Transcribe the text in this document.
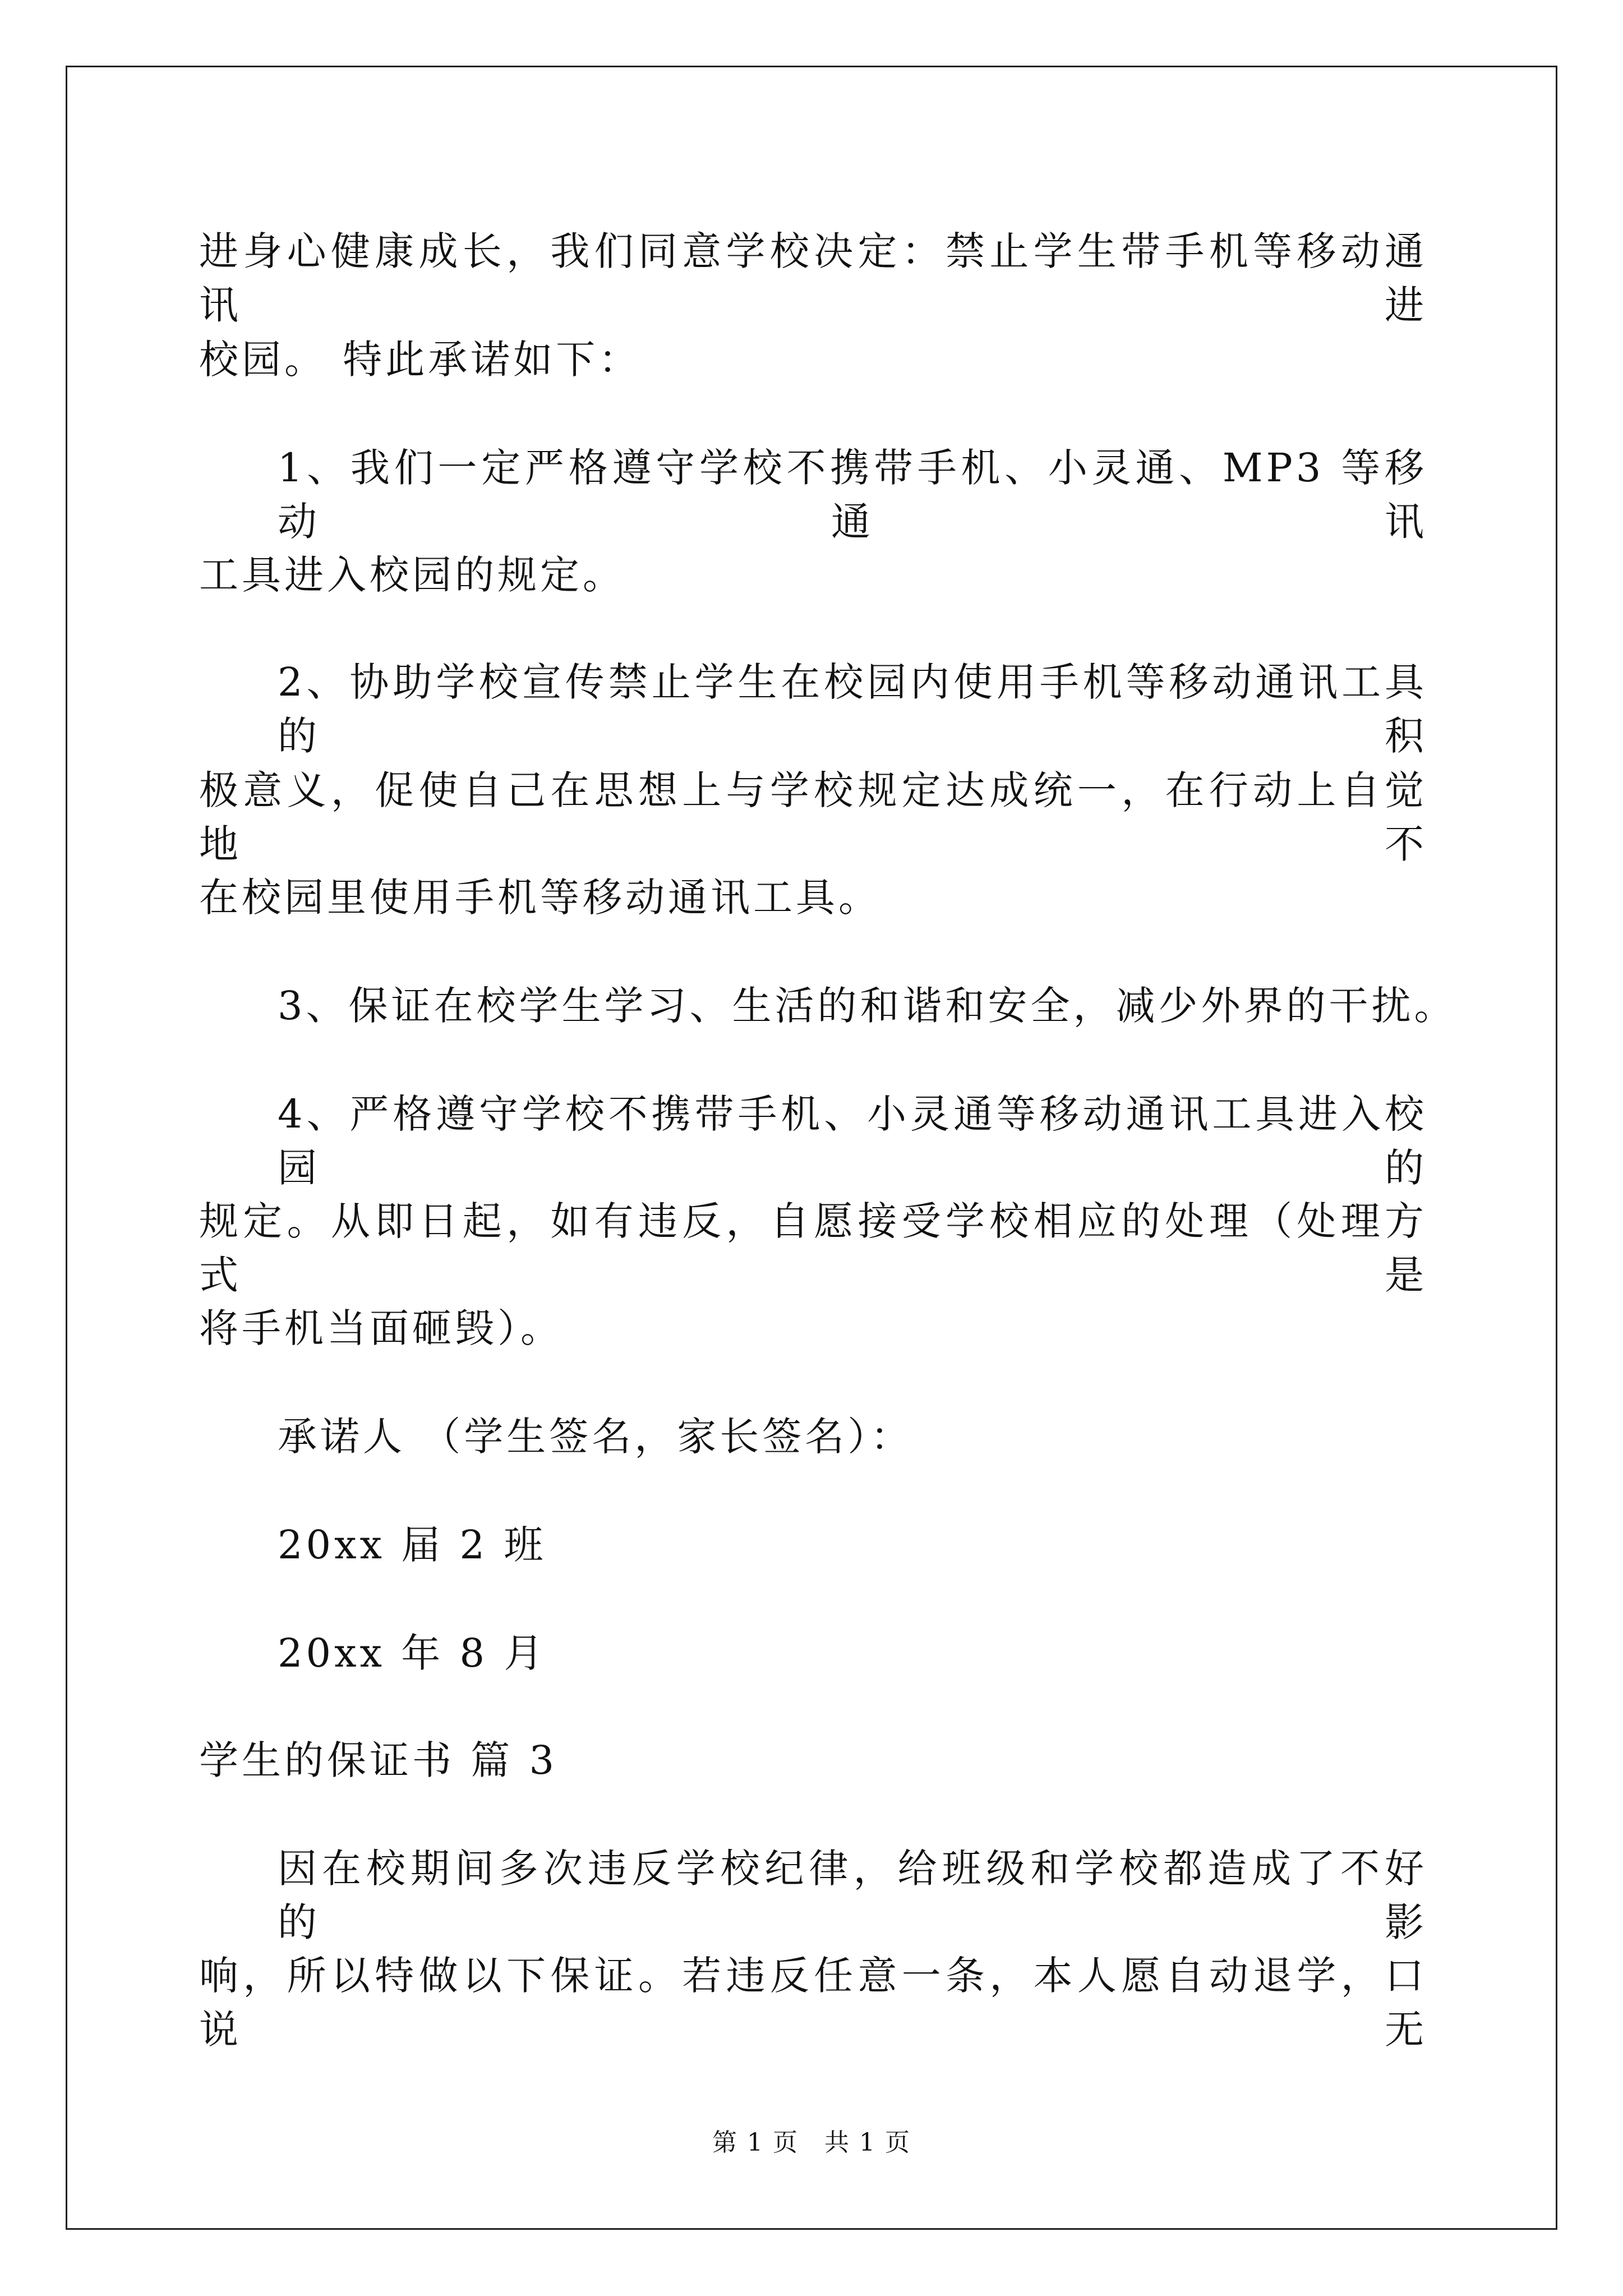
进身心健康成长，我们同意学校决定：禁止学生带手机等移动通讯进
校园。 特此承诺如下：
1、我们一定严格遵守学校不携带手机、小灵通、MP3 等移动通讯
工具进入校园的规定。
2、协助学校宣传禁止学生在校园内使用手机等移动通讯工具的积
极意义，促使自己在思想上与学校规定达成统一，在行动上自觉地不
在校园里使用手机等移动通讯工具。
3、保证在校学生学习、生活的和谐和安全，减少外界的干扰。
4、严格遵守学校不携带手机、小灵通等移动通讯工具进入校园的
规定。从即日起，如有违反，自愿接受学校相应的处理（处理方式是
将手机当面砸毁）。
承诺人 （学生签名，家长签名）：
20xx 届 2 班
20xx 年 8 月
学生的保证书 篇 3
因在校期间多次违反学校纪律，给班级和学校都造成了不好的影
响，所以特做以下保证。若违反任意一条，本人愿自动退学，口说无
第 1 页　共 1 页
